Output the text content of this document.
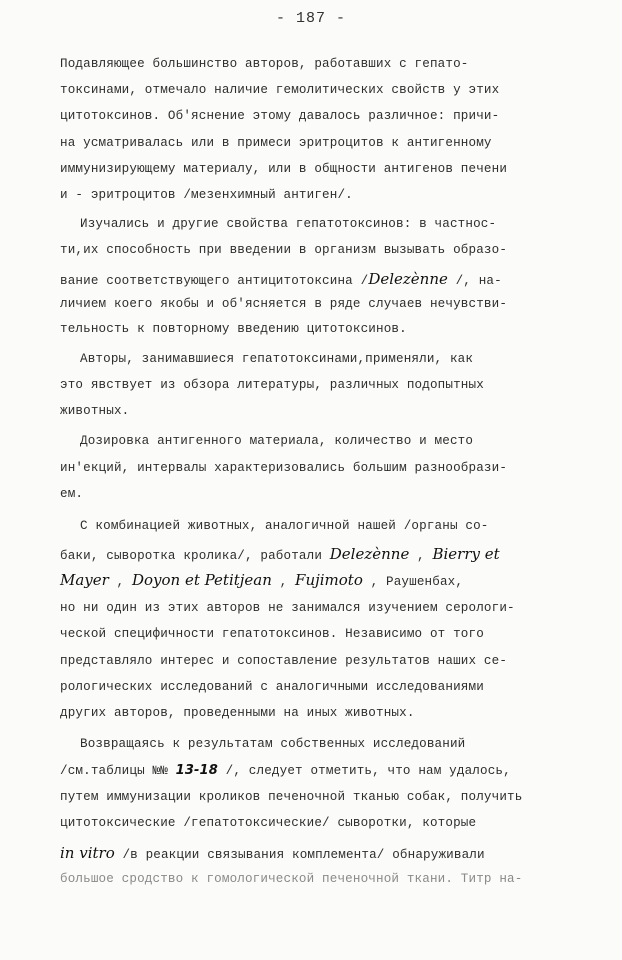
- 187 -
Подавляющее большинство авторов, работавших с гепато-
токсинами, отмечало наличие гемолитических свойств у этих
цитотоксинов. Об'яснение этому давалось различное: причи-
на усматривалась или в примеси эритроцитов к антигенному
иммунизирующему материалу, или в общности антигенов печени
и - эритроцитов /мезенхимный антиген/.
Изучались и другие свойства гепатотоксинов: в частнос-
ти,их способность при введении в организм вызывать образо-
вание соответствующего антицитотоксина /Delezènne /, на-
личием коего якобы и об'ясняется в ряде случаев нечувстви-
тельность к повторному введению цитотоксинов.
Авторы, занимавшиеся гепатотоксинами,применяли, как
это явствует из обзора литературы, различных подопытных
животных.
Дозировка антигенного материала, количество и место
ин'екций, интервалы характеризовались большим разнообрази-
ем.
С комбинацией животных, аналогичной нашей /органы со-
баки, сыворотка кролика/, работали Delezènne , Bierry et
Mayer , Doyon et Petitjean , Fujimoto , Раушенбах,
но ни один из этих авторов не занимался изучением серологи-
ческой специфичности гепатотоксинов. Независимо от того
представляло интерес и сопоставление результатов наших се-
рологических исследований с аналогичными исследованиями
других авторов, проведенными на иных животных.
Возвращаясь к результатам собственных исследований
/см.таблицы №№ 13-18 /, следует отметить, что нам удалось,
путем иммунизации кроликов печеночной тканью собак, получить
цитотоксические /гепатотоксические/ сыворотки, которые
in vitro /в реакции связывания комплемента/ обнаруживали
большое сродство к гомологической печеночной ткани. Титр на-
